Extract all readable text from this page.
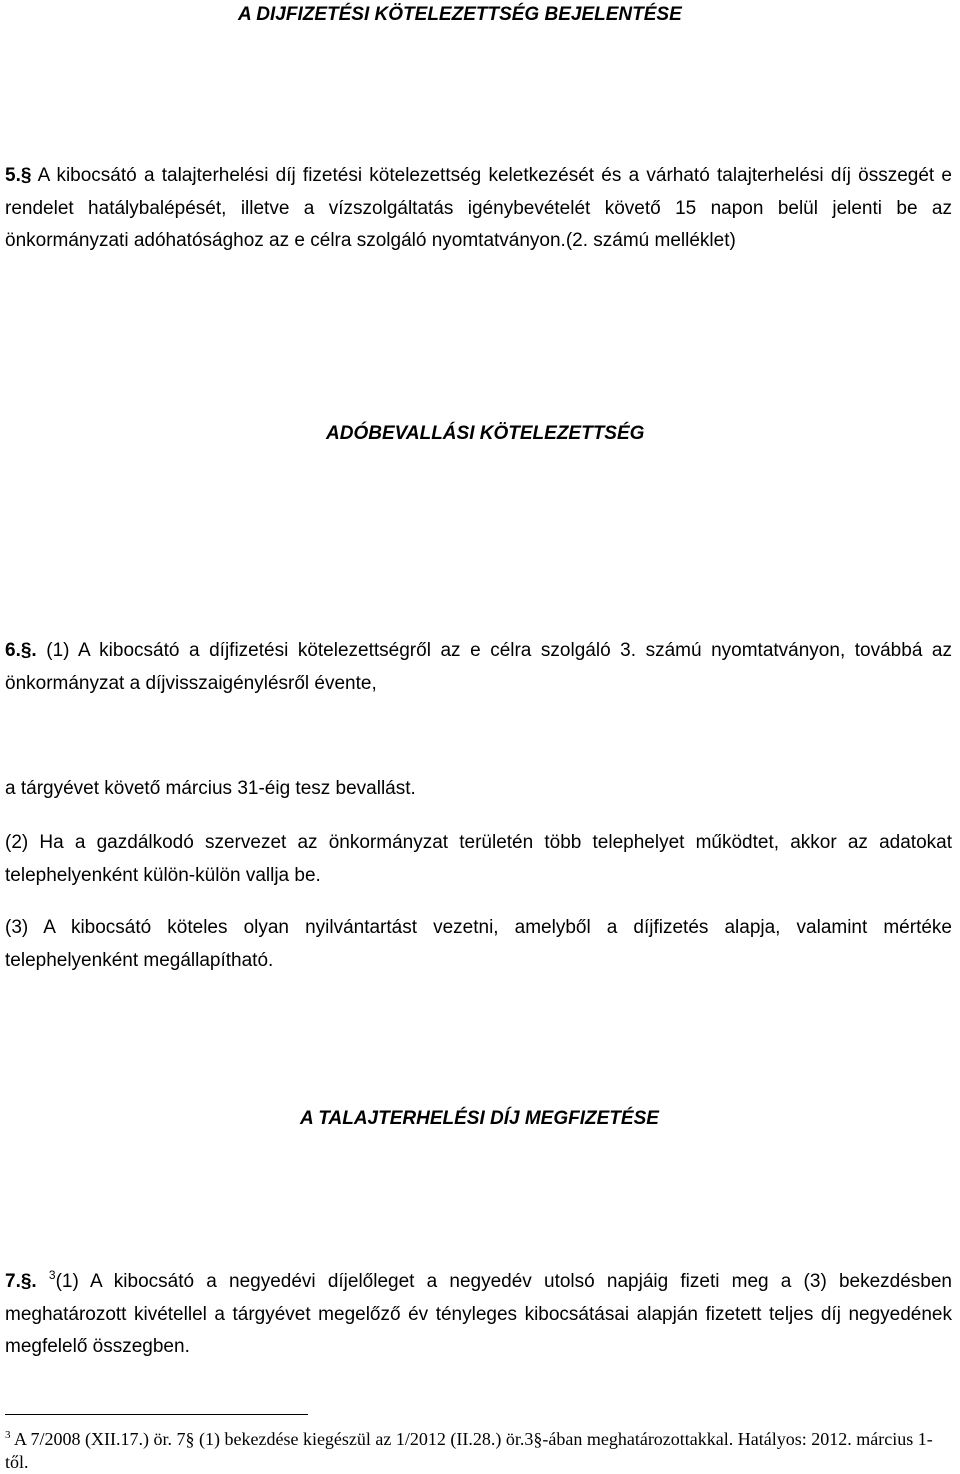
A DIJFIZETÉSI KÖTELEZETTSÉG BEJELENTÉSE
5.§ A kibocsátó a talajterhelési díj fizetési kötelezettség keletkezését és a várható talajterhelési díj összegét e rendelet hatálybalépését, illetve a vízszolgáltatás igénybevételét követő 15 napon belül jelenti be az önkormányzati adóhatósághoz az e célra szolgáló nyomtatványon.(2. számú melléklet)
ADÓBEVALLÁSI KÖTELEZETTSÉG
6.§. (1) A kibocsátó a díjfizetési kötelezettségről az e célra szolgáló 3. számú nyomtatványon, továbbá az önkormányzat a díjvisszaigénylésről évente,
a tárgyévet követő március 31-éig tesz bevallást.
(2) Ha a gazdálkodó szervezet az önkormányzat területén több telephelyet működtet, akkor az adatokat telephelyenként külön-külön vallja be.
(3) A kibocsátó köteles olyan nyilvántartást vezetni, amelyből a díjfizetés alapja, valamint mértéke telephelyenként megállapítható.
A TALAJTERHELÉSI DÍJ MEGFIZETÉSE
7.§. $^3$(1) A kibocsátó a negyedévi díjelőleget a negyedév utolsó napjáig fizeti meg a (3) bekezdésben meghatározott kivétellel a tárgyévet megelőző év tényleges kibocsátásai alapján fizetett teljes díj negyedének megfelelő összegben.
$^3$ A 7/2008 (XII.17.) ör. 7§ (1) bekezdése kiegészül az 1/2012 (II.28.) ör.3§-ában meghatározottakkal. Hatályos: 2012. március 1-től.
